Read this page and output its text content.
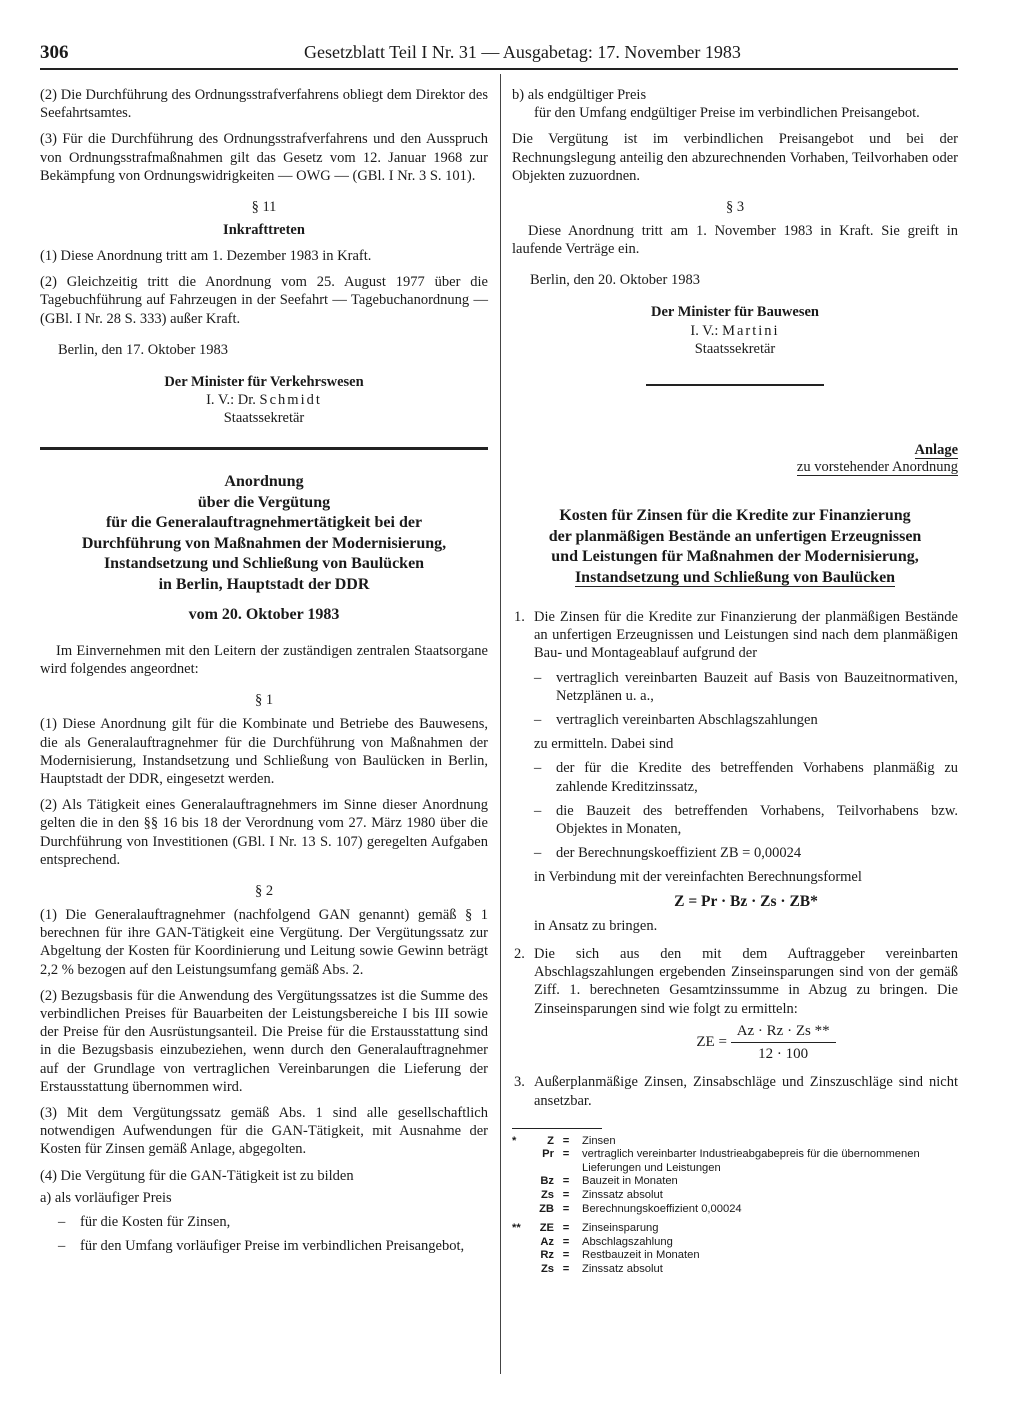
306	Gesetzblatt Teil I Nr. 31 — Ausgabetag: 17. November 1983

(2) Die Durchführung des Ordnungsstrafverfahrens obliegt dem Direktor des Seefahrtsamtes.

(3) Für die Durchführung des Ordnungsstrafverfahrens und den Ausspruch von Ordnungsstrafmaßnahmen gilt das Gesetz vom 12. Januar 1968 zur Bekämpfung von Ordnungswidrigkeiten — OWG — (GBl. I Nr. 3 S. 101).

§ 11
Inkrafttreten

(1) Diese Anordnung tritt am 1. Dezember 1983 in Kraft.

(2) Gleichzeitig tritt die Anordnung vom 25. August 1977 über die Tagebuchführung auf Fahrzeugen in der Seefahrt — Tagebuchanordnung — (GBl. I Nr. 28 S. 333) außer Kraft.

Berlin, den 17. Oktober 1983
Der Minister für Verkehrswesen
I. V.: Dr. Schmidt
Staatssekretär
Anordnung
über die Vergütung
für die Generalauftragnehmertätigkeit bei der
Durchführung von Maßnahmen der Modernisierung,
Instandsetzung und Schließung von Baulücken
in Berlin, Hauptstadt der DDR
vom 20. Oktober 1983

Im Einvernehmen mit den Leitern der zuständigen zentralen Staatsorgane wird folgendes angeordnet:

§ 1

(1) Diese Anordnung gilt für die Kombinate und Betriebe des Bauwesens, die als Generalauftragnehmer für die Durchführung von Maßnahmen der Modernisierung, Instandsetzung und Schließung von Baulücken in Berlin, Hauptstadt der DDR, eingesetzt werden.

(2) Als Tätigkeit eines Generalauftragnehmers im Sinne dieser Anordnung gelten die in den §§ 16 bis 18 der Verordnung vom 27. März 1980 über die Durchführung von Investitionen (GBl. I Nr. 13 S. 107) geregelten Aufgaben entsprechend.

§ 2

(1) Die Generalauftragnehmer (nachfolgend GAN genannt) gemäß § 1 berechnen für ihre GAN-Tätigkeit eine Vergütung. Der Vergütungssatz zur Abgeltung der Kosten für Koordinierung und Leitung sowie Gewinn beträgt 2,2 % bezogen auf den Leistungsumfang gemäß Abs. 2.

(2) Bezugsbasis für die Anwendung des Vergütungssatzes ist die Summe des verbindlichen Preises für Bauarbeiten der Leistungsbereiche I bis III sowie der Preise für den Ausrüstungsanteil. Die Preise für die Erstausstattung sind in die Bezugsbasis einzubeziehen, wenn durch den Generalauftragnehmer auf der Grundlage von vertraglichen Vereinbarungen die Lieferung der Erstausstattung übernommen wird.

(3) Mit dem Vergütungssatz gemäß Abs. 1 sind alle gesellschaftlich notwendigen Aufwendungen für die GAN-Tätigkeit, mit Ausnahme der Kosten für Zinsen gemäß Anlage, abgegolten.

(4) Die Vergütung für die GAN-Tätigkeit ist zu bilden

a) als vorläufiger Preis

– für die Kosten für Zinsen,
– für den Umfang vorläufiger Preise im verbindlichen Preisangebot,

b) als endgültiger Preis

für den Umfang endgültiger Preise im verbindlichen Preisangebot.

Die Vergütung ist im verbindlichen Preisangebot und bei der Rechnungslegung anteilig den abzurechnenden Vorhaben, Teilvorhaben oder Objekten zuzuordnen.

§ 3

Diese Anordnung tritt am 1. November 1983 in Kraft. Sie greift in laufende Verträge ein.

Berlin, den 20. Oktober 1983
Der Minister für Bauwesen
I. V.: Martini
Staatssekretär
Anlage
zu vorstehender Anordnung
Kosten für Zinsen für die Kredite zur Finanzierung
der planmäßigen Bestände an unfertigen Erzeugnissen
und Leistungen für Maßnahmen der Modernisierung,
Instandsetzung und Schließung von Baulücken
1. Die Zinsen für die Kredite zur Finanzierung der planmäßigen Bestände an unfertigen Erzeugnissen und Leistungen sind nach dem planmäßigen Bau- und Montageablauf aufgrund der
– vertraglich vereinbarten Bauzeit auf Basis von Bauzeitnormativen, Netzplänen u. a.,
– vertraglich vereinbarten Abschlagszahlungen
zu ermitteln. Dabei sind
– der für die Kredite des betreffenden Vorhabens planmäßig zu zahlende Kreditzinssatz,
– die Bauzeit des betreffenden Vorhabens, Teilvorhabens bzw. Objektes in Monaten,
– der Berechnungskoeffizient ZB = 0,00024
in Verbindung mit der vereinfachten Berechnungsformel
Z = Pr · Bz · Zs · ZB*
in Ansatz zu bringen.
2. Die sich aus den mit dem Auftraggeber vereinbarten Abschlagszahlungen ergebenden Zinseinsparungen sind von der gemäß Ziff. 1. berechneten Gesamtzinssumme in Abzug zu bringen. Die Zinseinsparungen sind wie folgt zu ermitteln:
ZE = $\frac{Az \cdot Rz \cdot Zs **}{12 \cdot 100}$
3. Außerplanmäßige Zinsen, Zinsabschläge und Zinszuschläge sind nicht ansetzbar.
*	Z	=	Zinsen
	Pr	=	vertraglich vereinbarter Industrieabgabepreis für die übernommenen Lieferungen und Leistungen
	Bz	=	Bauzeit in Monaten
	Zs	=	Zinssatz absolut
	ZB	=	Berechnungskoeffizient 0,00024

**	ZE	=	Zinseinsparung
	Az	=	Abschlagszahlung
	Rz	=	Restbauzeit in Monaten
	Zs	=	Zinssatz absolut
